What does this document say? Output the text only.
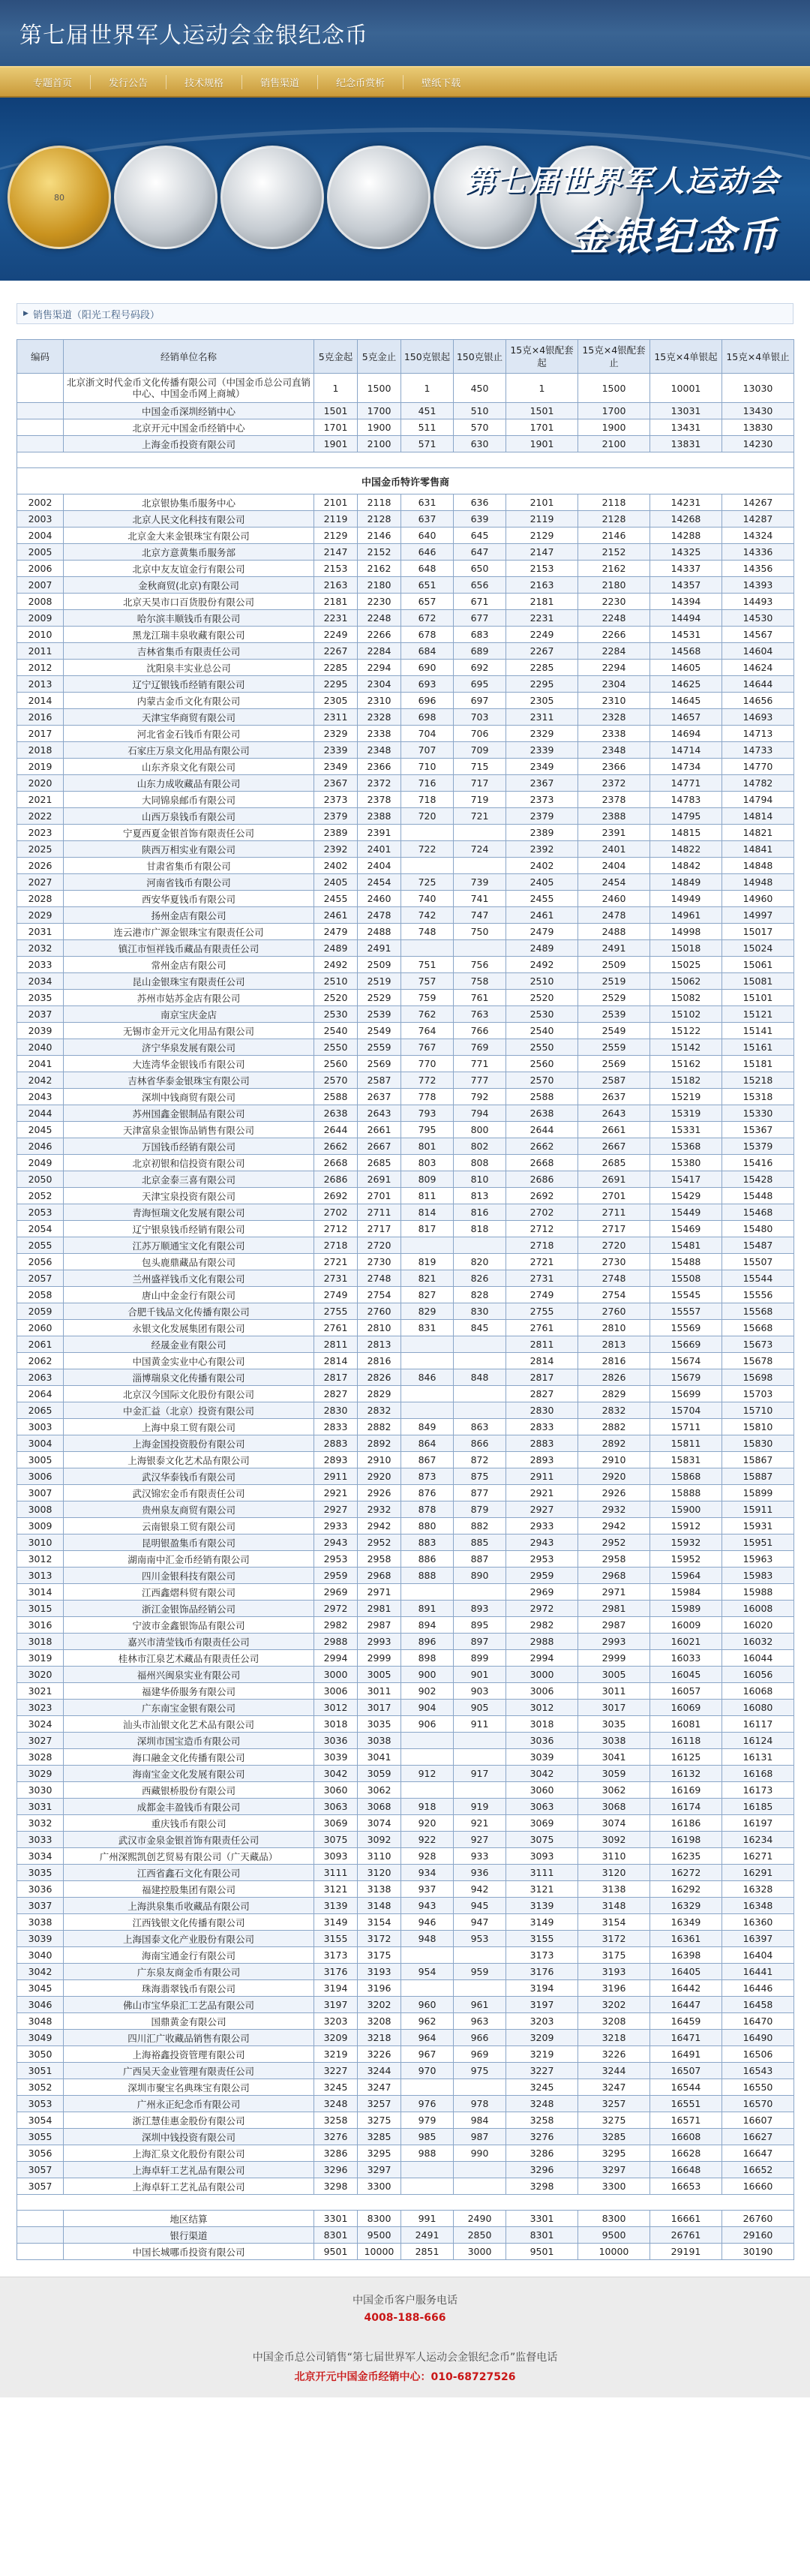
第七届世界军人运动会金银纪念币
专题首页	发行公告	技术规格	销售渠道	纪念币赏析	壁纸下载
80	第七届世界军人运动会
金银纪念币
▶ 销售渠道（阳光工程号码段）
编码	经销单位名称	5克金起	5克金止	150克银起	150克银止	15克×4银配套起	15克×4银配套止	15克×4单银起	15克×4单银止
	北京浙文时代金币文化传播有限公司（中国金币总公司直销中心、中国金币网上商城）	1	1500	1	450	1	1500	10001	13030
	中国金币深圳经销中心	1501	1700	451	510	1501	1700	13031	13430
	北京开元中国金币经销中心	1701	1900	511	570	1701	1900	13431	13830
	上海金币投资有限公司	1901	2100	571	630	1901	2100	13831	14230

中国金币特许零售商									
2002	北京银协集币服务中心	2101	2118	631	636	2101	2118	14231	14267
2003	北京人民文化科技有限公司	2119	2128	637	639	2119	2128	14268	14287
2004	北京金大来金银珠宝有限公司	2129	2146	640	645	2129	2146	14288	14324
2005	北京方意黄集币服务部	2147	2152	646	647	2147	2152	14325	14336
2006	北京中友友谊金行有限公司	2153	2162	648	650	2153	2162	14337	14356
2007	金秋商贸(北京)有限公司	2163	2180	651	656	2163	2180	14357	14393
2008	北京天昊市口百货股份有限公司	2181	2230	657	671	2181	2230	14394	14493
2009	哈尔滨丰顺钱币有限公司	2231	2248	672	677	2231	2248	14494	14530
2010	黑龙江瑞丰泉收藏有限公司	2249	2266	678	683	2249	2266	14531	14567
2011	吉林省集币有限责任公司	2267	2284	684	689	2267	2284	14568	14604
2012	沈阳泉丰实业总公司	2285	2294	690	692	2285	2294	14605	14624
2013	辽宁辽银钱币经销有限公司	2295	2304	693	695	2295	2304	14625	14644
2014	内蒙古金币文化有限公司	2305	2310	696	697	2305	2310	14645	14656
2016	天津宝华商贸有限公司	2311	2328	698	703	2311	2328	14657	14693
2017	河北省金石钱币有限公司	2329	2338	704	706	2329	2338	14694	14713
2018	石家庄万泉文化用品有限公司	2339	2348	707	709	2339	2348	14714	14733
2019	山东齐泉文化有限公司	2349	2366	710	715	2349	2366	14734	14770
2020	山东力成收藏品有限公司	2367	2372	716	717	2367	2372	14771	14782
2021	大同锦泉邮币有限公司	2373	2378	718	719	2373	2378	14783	14794
2022	山西万泉钱币有限公司	2379	2388	720	721	2379	2388	14795	14814
2023	宁夏西夏金银首饰有限责任公司	2389	2391			2389	2391	14815	14821
2025	陕西万相实业有限公司	2392	2401	722	724	2392	2401	14822	14841
2026	甘肃省集币有限公司	2402	2404			2402	2404	14842	14848
2027	河南省钱币有限公司	2405	2454	725	739	2405	2454	14849	14948
2028	西安华夏钱币有限公司	2455	2460	740	741	2455	2460	14949	14960
2029	扬州金店有限公司	2461	2478	742	747	2461	2478	14961	14997
2031	连云港市广源金银珠宝有限责任公司	2479	2488	748	750	2479	2488	14998	15017
2032	镇江市恒祥钱币藏品有限责任公司	2489	2491			2489	2491	15018	15024
2033	常州金店有限公司	2492	2509	751	756	2492	2509	15025	15061
2034	昆山金银珠宝有限责任公司	2510	2519	757	758	2510	2519	15062	15081
2035	苏州市姑苏金店有限公司	2520	2529	759	761	2520	2529	15082	15101
2037	南京宝庆金店	2530	2539	762	763	2530	2539	15102	15121
2039	无锡市金开元文化用品有限公司	2540	2549	764	766	2540	2549	15122	15141
2040	济宁华泉发展有限公司	2550	2559	767	769	2550	2559	15142	15161
2041	大连湾华金银钱币有限公司	2560	2569	770	771	2560	2569	15162	15181
2042	吉林省华泰金银珠宝有限公司	2570	2587	772	777	2570	2587	15182	15218
2043	深圳中钱商贸有限公司	2588	2637	778	792	2588	2637	15219	15318
2044	苏州国鑫金银制品有限公司	2638	2643	793	794	2638	2643	15319	15330
2045	天津富泉金银饰品销售有限公司	2644	2661	795	800	2644	2661	15331	15367
2046	万国钱币经销有限公司	2662	2667	801	802	2662	2667	15368	15379
2049	北京初银和信投资有限公司	2668	2685	803	808	2668	2685	15380	15416
2050	北京金泰三喜有限公司	2686	2691	809	810	2686	2691	15417	15428
2052	天津宝泉投资有限公司	2692	2701	811	813	2692	2701	15429	15448
2053	青海恒瑞文化发展有限公司	2702	2711	814	816	2702	2711	15449	15468
2054	辽宁银泉钱币经销有限公司	2712	2717	817	818	2712	2717	15469	15480
2055	江苏万顺通宝文化有限公司	2718	2720			2718	2720	15481	15487
2056	包头鹿鼎藏品有限公司	2721	2730	819	820	2721	2730	15488	15507
2057	兰州盛祥钱币文化有限公司	2731	2748	821	826	2731	2748	15508	15544
2058	唐山中金金行有限公司	2749	2754	827	828	2749	2754	15545	15556
2059	合肥千钱品文化传播有限公司	2755	2760	829	830	2755	2760	15557	15568
2060	永银文化发展集团有限公司	2761	2810	831	845	2761	2810	15569	15668
2061	经晟金业有限公司	2811	2813			2811	2813	15669	15673
2062	中国黄金实业中心有限公司	2814	2816			2814	2816	15674	15678
2063	淄博瑞泉文化传播有限公司	2817	2826	846	848	2817	2826	15679	15698
2064	北京汉今国际文化股份有限公司	2827	2829			2827	2829	15699	15703
2065	中金汇益（北京）投资有限公司	2830	2832			2830	2832	15704	15710
3003	上海中泉工贸有限公司	2833	2882	849	863	2833	2882	15711	15810
3004	上海金国投资股份有限公司	2883	2892	864	866	2883	2892	15811	15830
3005	上海银泰文化艺术品有限公司	2893	2910	867	872	2893	2910	15831	15867
3006	武汉华泰钱币有限公司	2911	2920	873	875	2911	2920	15868	15887
3007	武汉锦宏金币有限责任公司	2921	2926	876	877	2921	2926	15888	15899
3008	贵州泉友商贸有限公司	2927	2932	878	879	2927	2932	15900	15911
3009	云南银泉工贸有限公司	2933	2942	880	882	2933	2942	15912	15931
3010	昆明银盈集币有限公司	2943	2952	883	885	2943	2952	15932	15951
3012	湖南南中汇金币经销有限公司	2953	2958	886	887	2953	2958	15952	15963
3013	四川金银科技有限公司	2959	2968	888	890	2959	2968	15964	15983
3014	江西鑫熠科贸有限公司	2969	2971			2969	2971	15984	15988
3015	浙江金银饰品经销公司	2972	2981	891	893	2972	2981	15989	16008
3016	宁波市金鑫银饰品有限公司	2982	2987	894	895	2982	2987	16009	16020
3018	嘉兴市清莹钱币有限责任公司	2988	2993	896	897	2988	2993	16021	16032
3019	桂林市江泉艺术藏品有限责任公司	2994	2999	898	899	2994	2999	16033	16044
3020	福州兴闽泉实业有限公司	3000	3005	900	901	3000	3005	16045	16056
3021	福建华侨服务有限公司	3006	3011	902	903	3006	3011	16057	16068
3023	广东南宝金银有限公司	3012	3017	904	905	3012	3017	16069	16080
3024	汕头市汕银文化艺术品有限公司	3018	3035	906	911	3018	3035	16081	16117
3027	深圳市国宝造币有限公司	3036	3038			3036	3038	16118	16124
3028	海口融金文化传播有限公司	3039	3041			3039	3041	16125	16131
3029	海南宝金文化发展有限公司	3042	3059	912	917	3042	3059	16132	16168
3030	西藏银桥股份有限公司	3060	3062			3060	3062	16169	16173
3031	成都金丰盈钱币有限公司	3063	3068	918	919	3063	3068	16174	16185
3032	重庆钱币有限公司	3069	3074	920	921	3069	3074	16186	16197
3033	武汉市金泉金银首饰有限责任公司	3075	3092	922	927	3075	3092	16198	16234
3034	广州深熙凯创艺贸易有限公司（广天藏品）	3093	3110	928	933	3093	3110	16235	16271
3035	江西省鑫石文化有限公司	3111	3120	934	936	3111	3120	16272	16291
3036	福建控股集团有限公司	3121	3138	937	942	3121	3138	16292	16328
3037	上海洪泉集币收藏品有限公司	3139	3148	943	945	3139	3148	16329	16348
3038	江西钱银文化传播有限公司	3149	3154	946	947	3149	3154	16349	16360
3039	上海国泰文化产业股份有限公司	3155	3172	948	953	3155	3172	16361	16397
3040	海南宝通金行有限公司	3173	3175			3173	3175	16398	16404
3042	广东泉友商金币有限公司	3176	3193	954	959	3176	3193	16405	16441
3045	珠海翡翠钱币有限公司	3194	3196			3194	3196	16442	16446
3046	佛山市宝华泉汇工艺品有限公司	3197	3202	960	961	3197	3202	16447	16458
3048	国鼎黄金有限公司	3203	3208	962	963	3203	3208	16459	16470
3049	四川汇广收藏品销售有限公司	3209	3218	964	966	3209	3218	16471	16490
3050	上海裕鑫投资管理有限公司	3219	3226	967	969	3219	3226	16491	16506
3051	广西吴天金业管理有限责任公司	3227	3244	970	975	3227	3244	16507	16543
3052	深圳市聚宝名典珠宝有限公司	3245	3247			3245	3247	16544	16550
3053	广州永正纪念币有限公司	3248	3257	976	978	3248	3257	16551	16570
3054	浙江慧佳惠金股份有限公司	3258	3275	979	984	3258	3275	16571	16607
3055	深圳中钱投资有限公司	3276	3285	985	987	3276	3285	16608	16627
3056	上海汇泉文化股份有限公司	3286	3295	988	990	3286	3295	16628	16647
3057	上海卓轩工艺礼品有限公司	3296	3297			3296	3297	16648	16652
3057	上海卓轩工艺礼品有限公司	3298	3300			3298	3300	16653	16660

	地区结算	3301	8300	991	2490	3301	8300	16661	26760
	银行渠道	8301	9500	2491	2850	8301	9500	26761	29160
	中国长城哪币投资有限公司	9501	10000	2851	3000	9501	10000	29191	30190
中国金币客户服务电话
4008-188-666
中国金币总公司销售“第七届世界军人运动会金银纪念币”监督电话
北京开元中国金币经销中心：010-68727526
